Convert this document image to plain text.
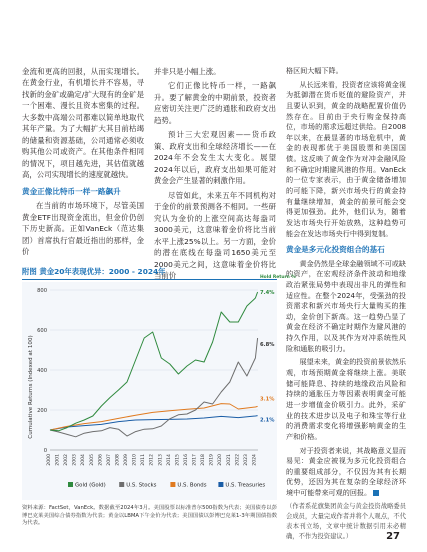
金流和更高的回报，从而实现增长。在黄金行业，有机增长并不容易，寻找新的金矿或确定/扩大现有的金矿是一个困难、漫长且资本密集的过程。大多数中高端公司都难以简单地取代其年产量。为了大幅扩大其目前枯竭的储量和资源基础，公司通常必须收购其他公司或资产。在其他条件相同的情况下，项目越先进，其估值就越高，公司实现增长的速度就越快。

黄金正像比特币一样一路飙升

在当前的市场环境下，尽管美国黄金ETF出现资金流出，但金价仍创下历史新高。正如VanEck（范达集团）首席执行官最近指出的那样，金价

并非只是小幅上涨。

它们正像比特币一样，一路飙升。要了解黄金的中期前景，投资者应密切关注更广泛的通胀和政府支出趋势。

预计三大宏观因素——货币政策、政府支出和全球经济增长——在2024年不会发生太大变化。展望2024年以后，政府支出如果可能对黄金会产生显著的刺激作用。

尽管如此，未来五年不同机构对于金价的前景预测各不相同。一些研究认为金价的上涨空间高达每盎司3000美元，这意味着金价将比当前水平上涨25%以上。另一方面，金价的潜在底线在每盎司1650美元至2000美元之间，这意味着金价将比当前价

格区间大幅下降。

从长远来看，投资者应该将黄金视为抵御潜在货币贬值的避险资产，并且要认识到，黄金的战略配置价值仍然存在。目前由于央行购金保持高位，市场的需求远超过供给。自2008年以来，在最显著的市场危机中，黄金的表现都优于美国股票和美国国债。这反映了黄金作为对冲金融风险和不确定时期避风港的作用。VanEck的一位专家表示，由于黄金储备增加的可能下降，新兴市场央行的黄金持有量继续增加，黄金的前景可能会变得更加强劲。此外，他们认为，随着发达市场央行开始放熟，这种趋势可能会在发达市场央行中得到复制。

黄金是多元化投资组合的基石

黄金仍然是全球金融领域不可或缺的资产，在宏观经济条件波动和地缘政治紧张局势中表现出非凡的弹性和适应性。在整个2024年，受强劲的投资需求和新兴市场央行大量购买的推动，金价创下新高。这一趋势凸显了黄金在经济不确定时期作为避风港的持久作用，以及其作为对冲系统性风险和通胀的吸引力。

展望未来，黄金的投资前景依然乐观，市场预期黄金将继续上涨。美联储可能降息、持续的地缘政治风险和持续的通胀压力等因素表明黄金可能进一步增值金价吸引力。此外，采矿业的技术进步以及电子和珠宝等行业的消费需求变化将增强影响黄金的生产和价格。

对于投资者来说，其战略意义显而易见：黄金应被视为多元化投资组合的重要组成部分，不仅因为其有长期优势，还因为其在复杂的全球经济环境中可能带来可观的回报。

（作者系花旗集团黄金与黄金投资战略委员会成员，大量完成作者并将个人观点，不代表本刊立场，文章中统计数据引用未必精确，不作为投资建议。）

附图 黄金20年表现优异：2000 - 2024年
0
200
400
600
800
2000 2001 2002 2003 2004 2005 2006 2007 2008 2009 2010 2011 2012 2013 2014 2015 2016 2017 2018 2019 2020 2021 2022 2023 2024
Hold Return %
7.4%
6.8%
3.1%
2.1%
Cumulative Returns (Indexed at 100)
Gold (Gold)	U.S. Stocks	U.S. Bonds	U.S. Treasuries
资料来源：FactSet，VanEck。数据截至2024年3月。美国股票以标准普尔500指数为代表；美国债券以彭博巴克莱美国综合债券指数为代表；黄金以LBMA下午金价为代表；美国国债以彭博巴克莱1-3年期国债指数为代表。
27
